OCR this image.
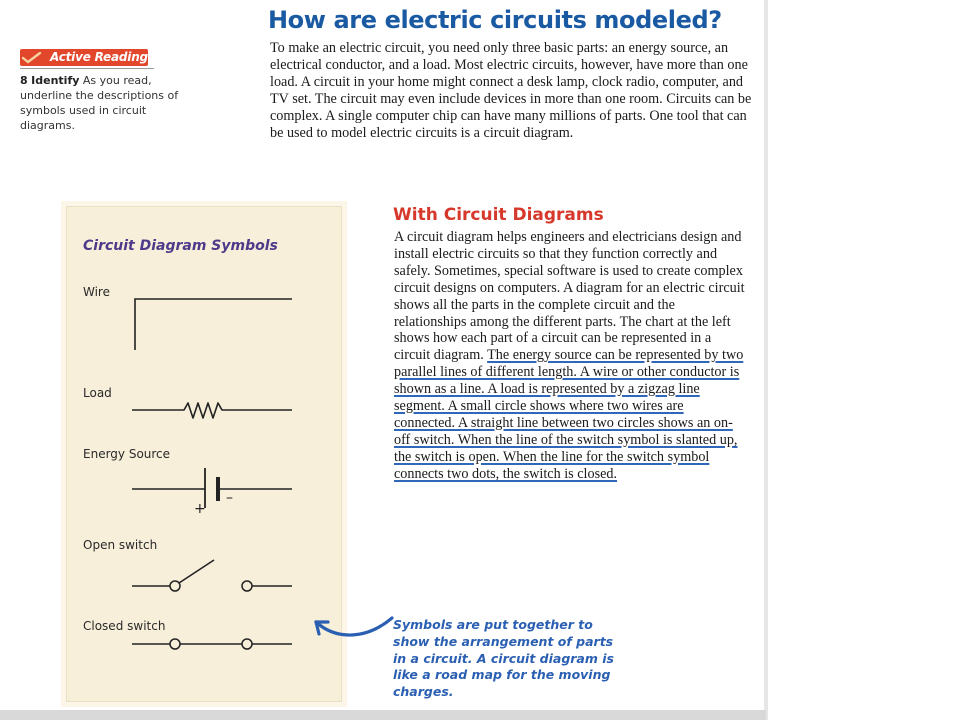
Active Reading
8 Identify As you read, underline the descriptions of symbols used in circuit diagrams.
How are electric circuits modeled?
To make an electric circuit, you need only three basic parts: an energy source, an electrical conductor, and a load. Most electric circuits, however, have more than one load. A circuit in your home might connect a desk lamp, clock radio, computer, and TV set. The circuit may even include devices in more than one room. Circuits can be complex. A single computer chip can have many millions of parts. One tool that can be used to model electric circuits is a circuit diagram.
Circuit Diagram Symbols
Wire
Load
Energy Source
Open switch
Closed switch
+
–
With Circuit Diagrams
A circuit diagram helps engineers and electricians design and install electric circuits so that they function correctly and safely. Sometimes, special software is used to create complex circuit designs on computers. A diagram for an electric circuit shows all the parts in the complete circuit and the relationships among the different parts. The chart at the left shows how each part of a circuit can be represented in a circuit diagram. The energy source can be represented by two parallel lines of different length. A wire or other conductor is shown as a line. A load is represented by a zigzag line segment. A small circle shows where two wires are connected. A straight line between two circles shows an on-off switch. When the line of the switch symbol is slanted up, the switch is open. When the line for the switch symbol connects two dots, the switch is closed.
Symbols are put together to show the arrangement of parts in a circuit. A circuit diagram is like a road map for the moving charges.
